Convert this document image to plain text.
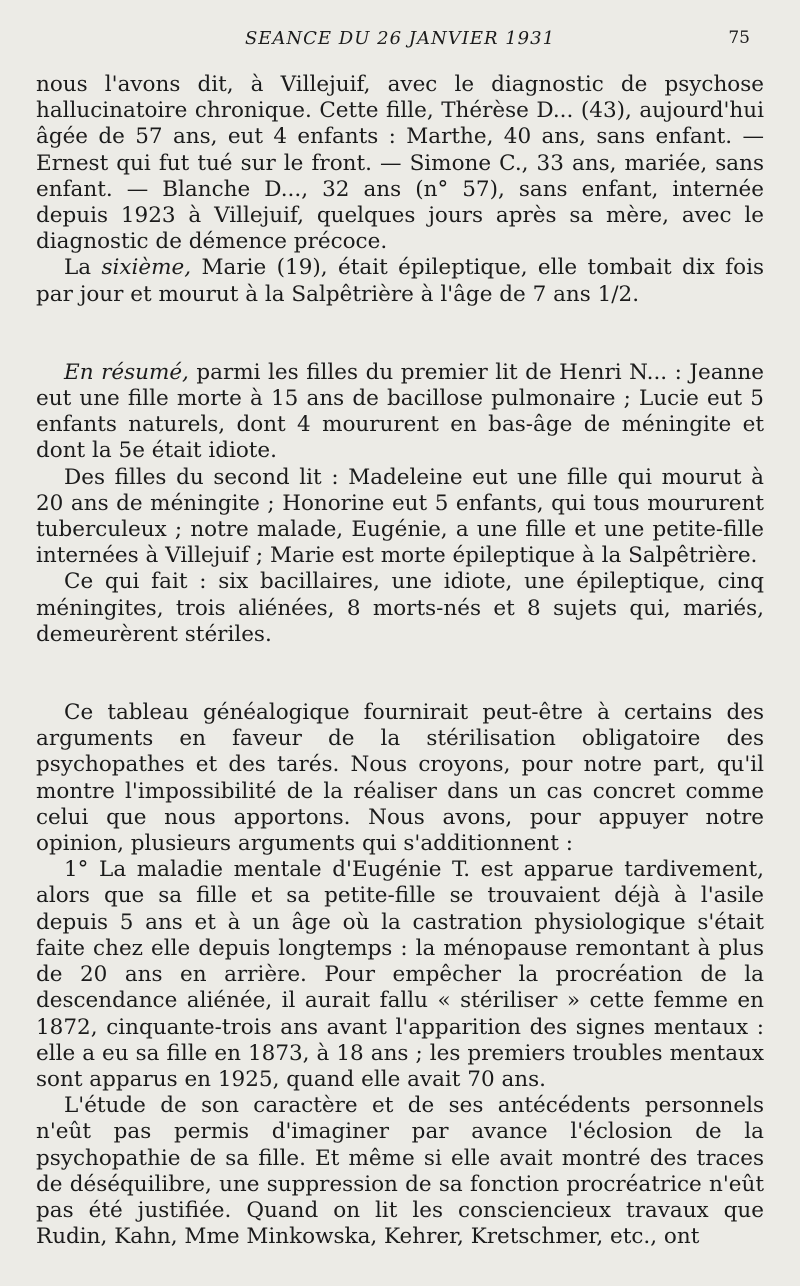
SEANCE DU 26 JANVIER 1931	75

nous l'avons dit, à Villejuif, avec le diagnostic de psychose hallucinatoire chronique. Cette fille, Thérèse D... (43), aujourd'hui âgée de 57 ans, eut 4 enfants : Marthe, 40 ans, sans enfant. — Ernest qui fut tué sur le front. — Simone C., 33 ans, mariée, sans enfant. — Blanche D..., 32 ans (n° 57), sans enfant, internée depuis 1923 à Villejuif, quelques jours après sa mère, avec le diagnostic de démence précoce.

La sixième, Marie (19), était épileptique, elle tombait dix fois par jour et mourut à la Salpêtrière à l'âge de 7 ans 1/2.

En résumé, parmi les filles du premier lit de Henri N... : Jeanne eut une fille morte à 15 ans de bacillose pulmonaire ; Lucie eut 5 enfants naturels, dont 4 moururent en bas-âge de méningite et dont la 5e était idiote.

Des filles du second lit : Madeleine eut une fille qui mourut à 20 ans de méningite ; Honorine eut 5 enfants, qui tous moururent tuberculeux ; notre malade, Eugénie, a une fille et une petite-fille internées à Villejuif ; Marie est morte épileptique à la Salpêtrière.

Ce qui fait : six bacillaires, une idiote, une épileptique, cinq méningites, trois aliénées, 8 morts-nés et 8 sujets qui, mariés, demeurèrent stériles.

Ce tableau généalogique fournirait peut-être à certains des arguments en faveur de la stérilisation obligatoire des psychopathes et des tarés. Nous croyons, pour notre part, qu'il montre l'impossibilité de la réaliser dans un cas concret comme celui que nous apportons. Nous avons, pour appuyer notre opinion, plusieurs arguments qui s'additionnent :

1° La maladie mentale d'Eugénie T. est apparue tardivement, alors que sa fille et sa petite-fille se trouvaient déjà à l'asile depuis 5 ans et à un âge où la castration physiologique s'était faite chez elle depuis longtemps : la ménopause remontant à plus de 20 ans en arrière. Pour empêcher la procréation de la descendance aliénée, il aurait fallu « stériliser » cette femme en 1872, cinquante-trois ans avant l'apparition des signes mentaux : elle a eu sa fille en 1873, à 18 ans ; les premiers troubles mentaux sont apparus en 1925, quand elle avait 70 ans.

L'étude de son caractère et de ses antécédents personnels n'eût pas permis d'imaginer par avance l'éclosion de la psychopathie de sa fille. Et même si elle avait montré des traces de déséquilibre, une suppression de sa fonction procréatrice n'eût pas été justifiée. Quand on lit les consciencieux travaux que Rudin, Kahn, Mme Minkowska, Kehrer, Kretschmer, etc., ont
